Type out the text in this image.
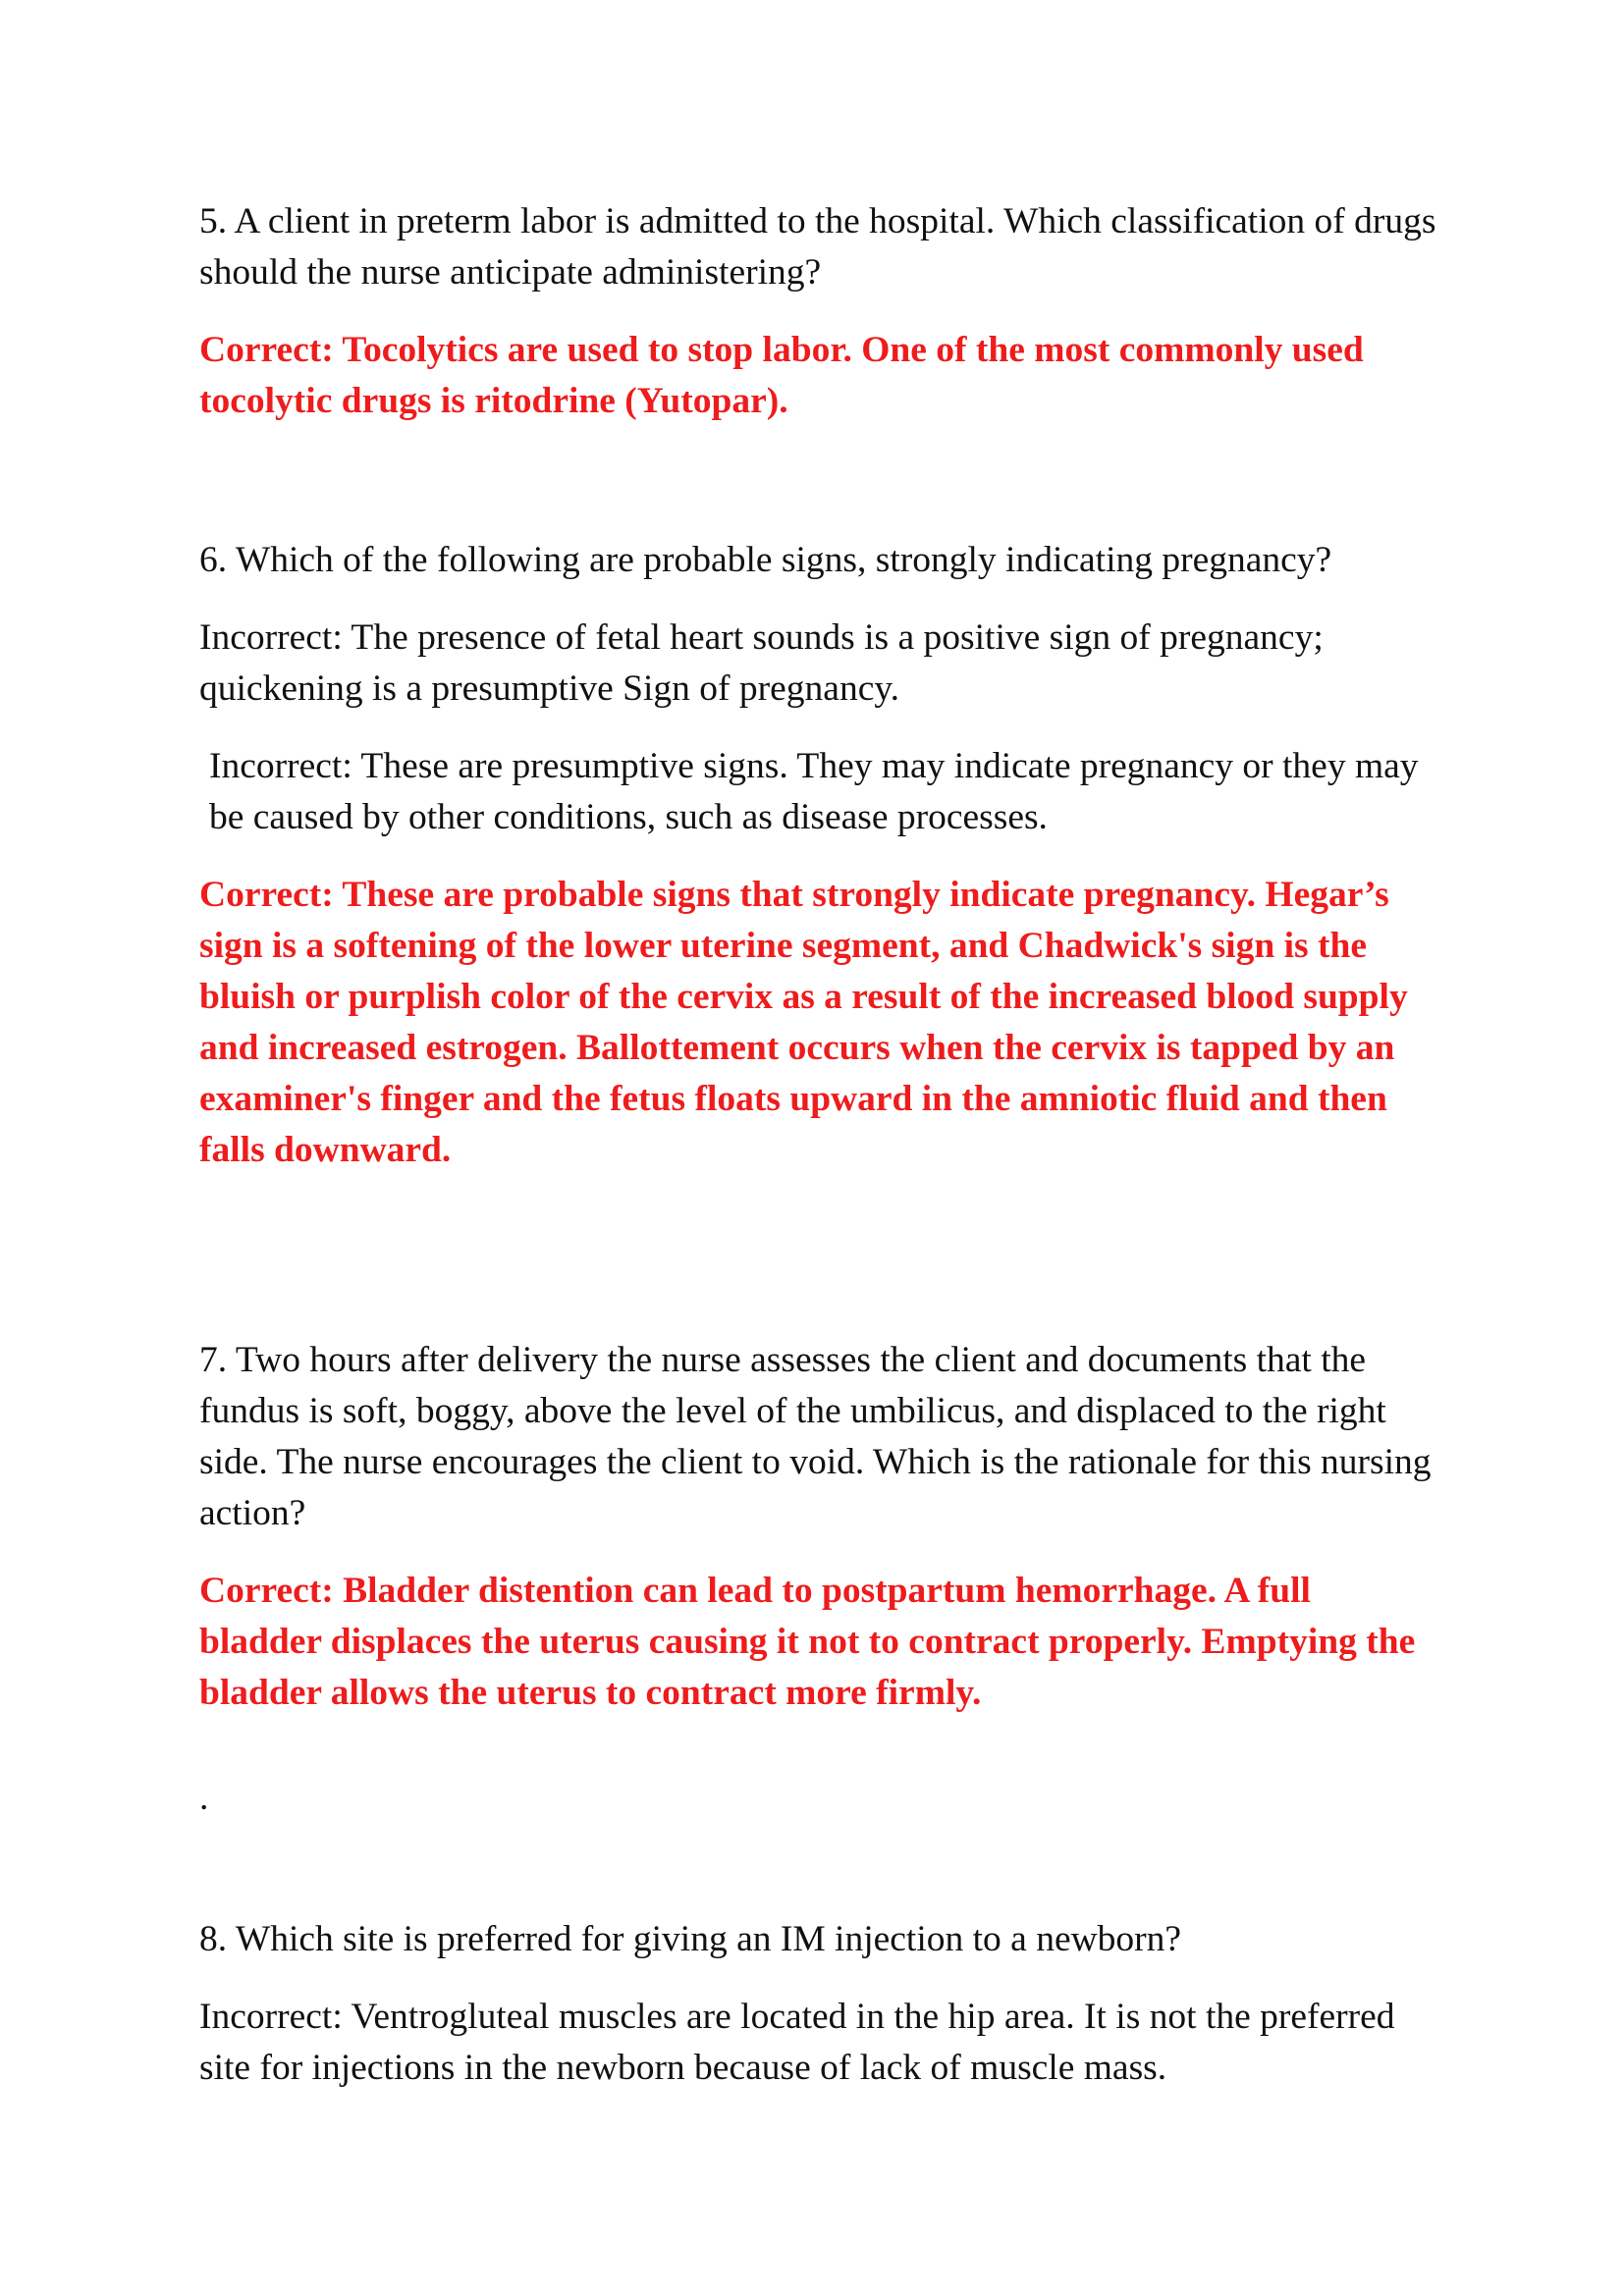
5. A client in preterm labor is admitted to the hospital. Which classification of drugs should the nurse anticipate administering?

Correct: Tocolytics are used to stop labor. One of the most commonly used tocolytic drugs is ritodrine (Yutopar).

6. Which of the following are probable signs, strongly indicating pregnancy?

Incorrect: The presence of fetal heart sounds is a positive sign of pregnancy; quickening is a presumptive Sign of pregnancy.

Incorrect: These are presumptive signs. They may indicate pregnancy or they may be caused by other conditions, such as disease processes.

Correct: These are probable signs that strongly indicate pregnancy. Hegar’s sign is a softening of the lower uterine segment, and Chadwick's sign is the bluish or purplish color of the cervix as a result of the increased blood supply and increased estrogen. Ballottement occurs when the cervix is tapped by an examiner's finger and the fetus floats upward in the amniotic fluid and then falls downward.

7. Two hours after delivery the nurse assesses the client and documents that the fundus is soft, boggy, above the level of the umbilicus, and displaced to the right side. The nurse encourages the client to void. Which is the rationale for this nursing action?

Correct: Bladder distention can lead to postpartum hemorrhage. A full bladder displaces the uterus causing it not to contract properly. Emptying the bladder allows the uterus to contract more firmly.

.

8. Which site is preferred for giving an IM injection to a newborn?

Incorrect: Ventrogluteal muscles are located in the hip area. It is not the preferred site for injections in the newborn because of lack of muscle mass.
